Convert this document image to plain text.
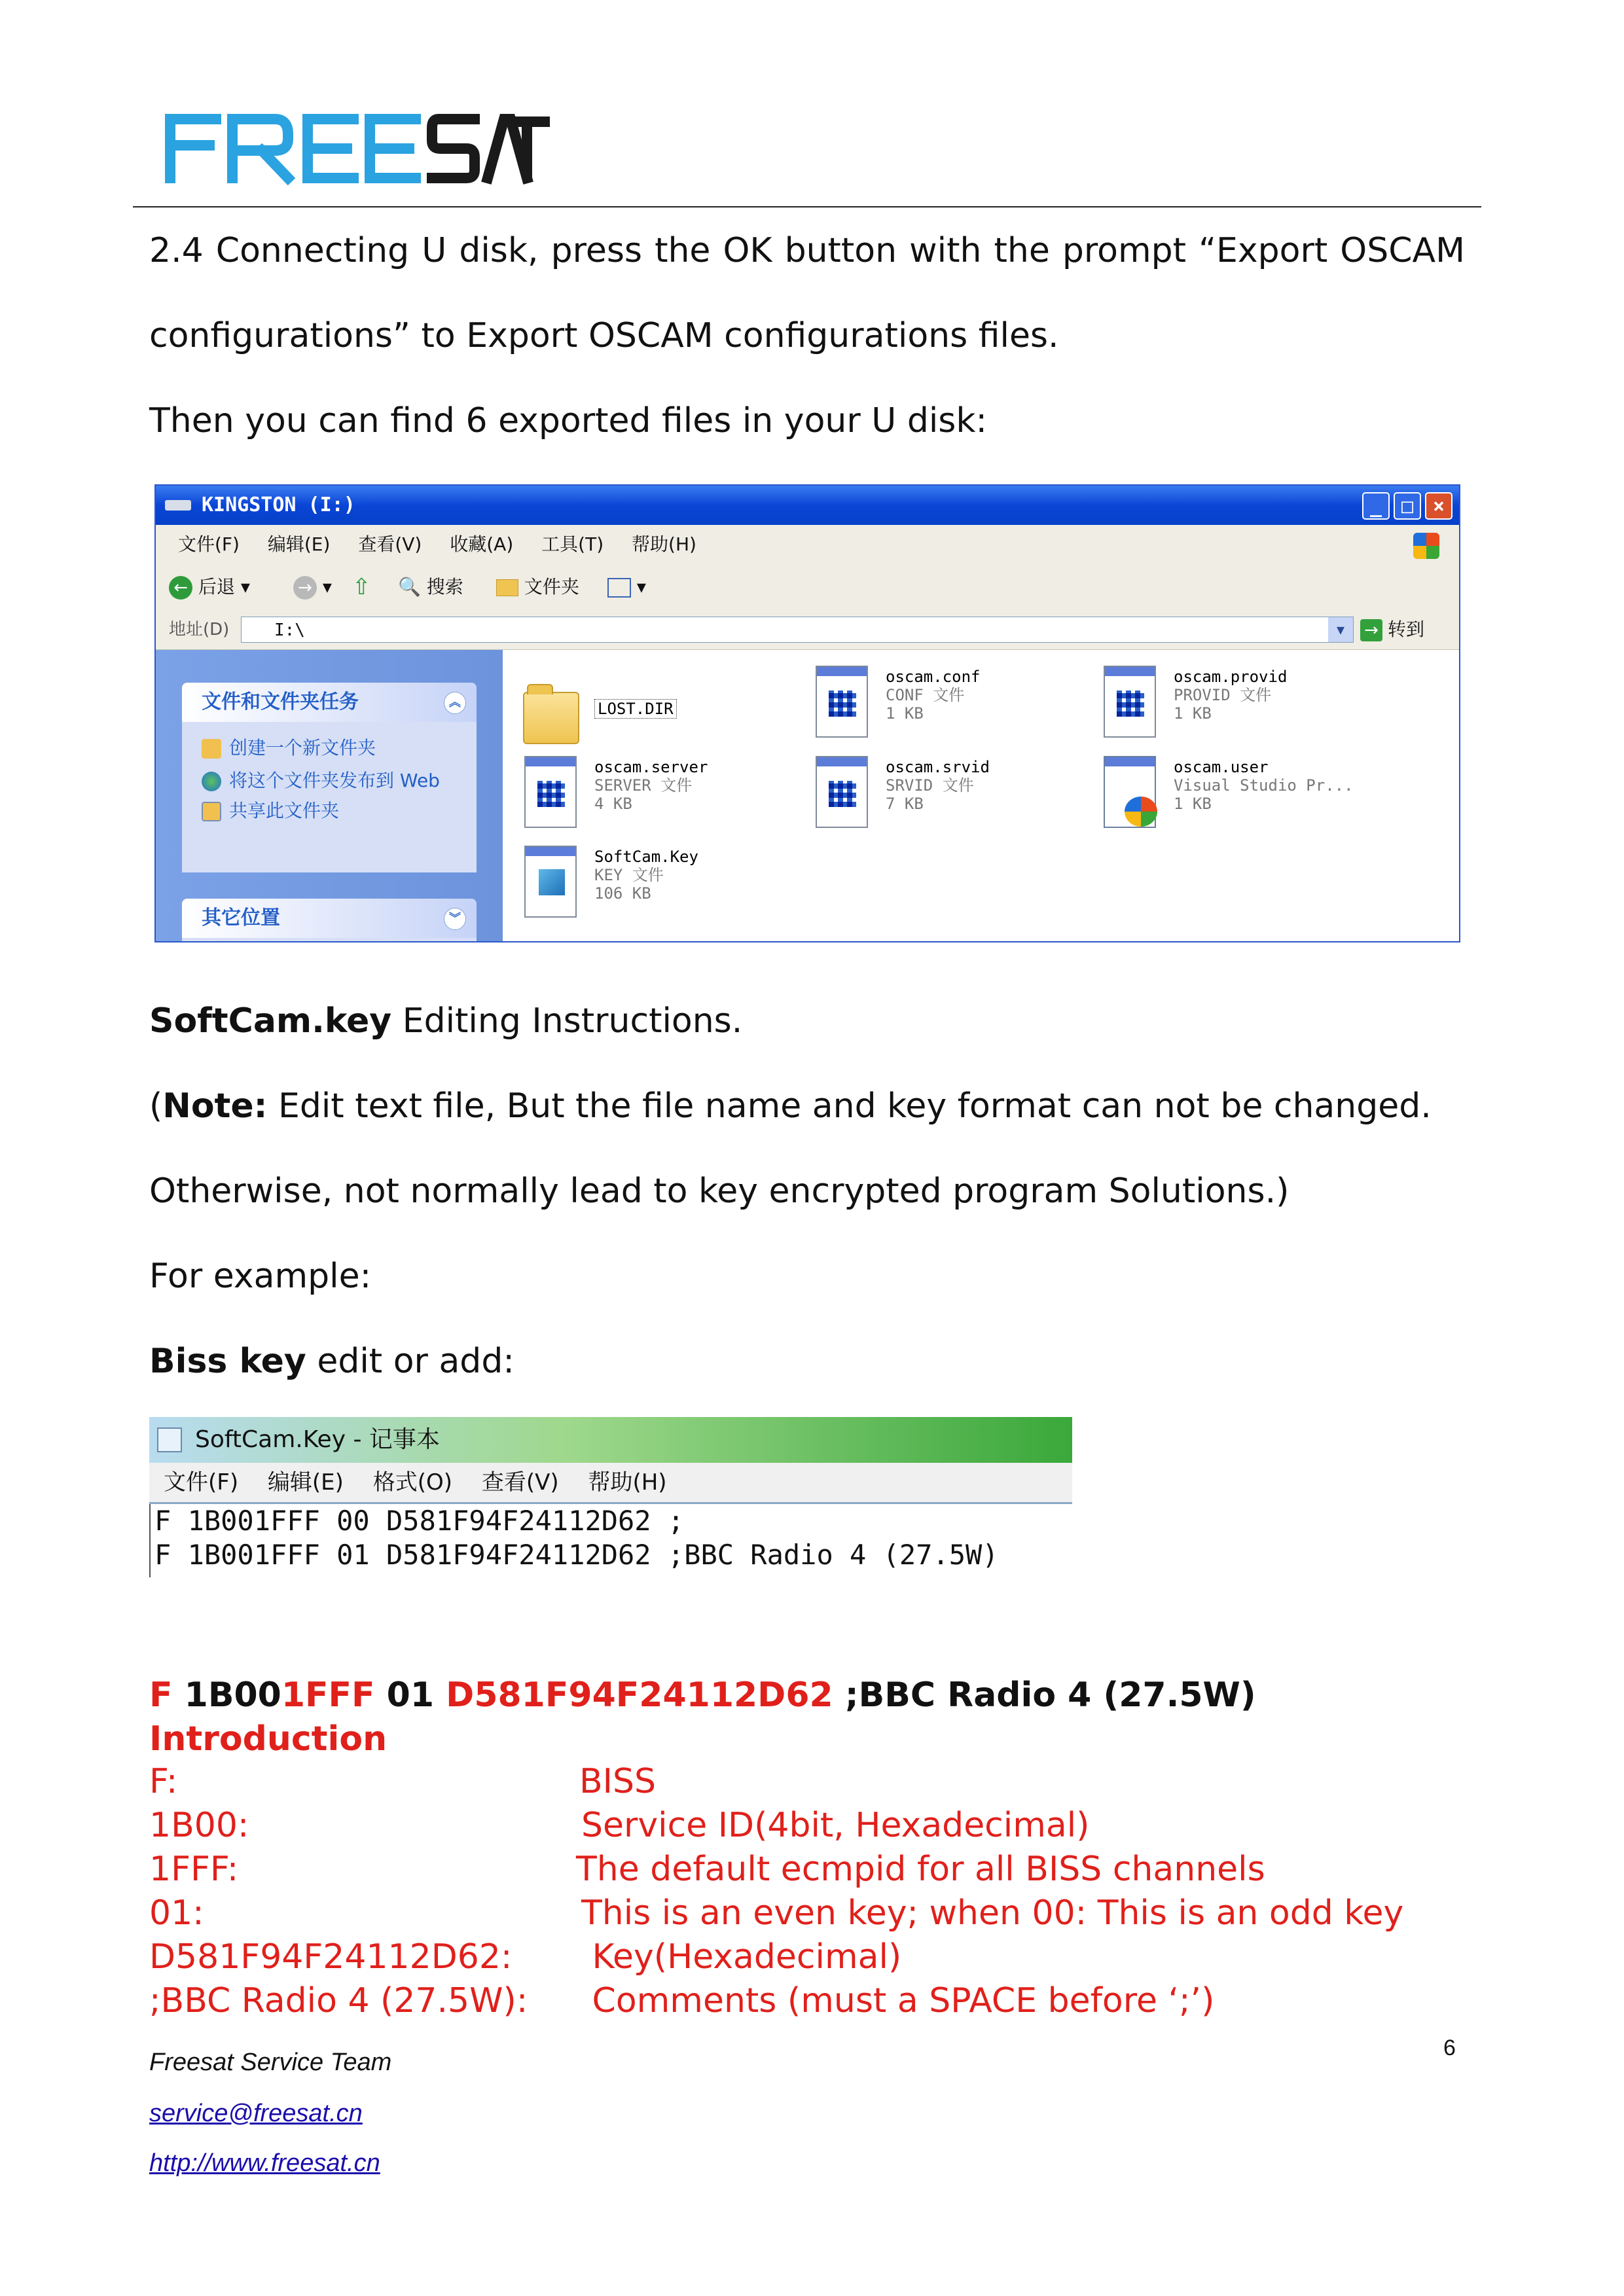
2.4 Connecting U disk, press the OK button with the prompt “Export OSCAM
configurations” to Export OSCAM configurations files.
Then you can find 6 exported files in your U disk:
KINGSTON (I:)	_ □ ×
文件(F) 编辑(E) 查看(V) 收藏(A) 工具(T) 帮助(H)
← 后退 ▾	→ ▾ ⇧ 🔍 搜索	文件夹	▾
地址(D)	I:\	▼	→ 转到
文件和文件夹任务	︽
创建一个新文件夹
将这个文件夹发布到 Web
共享此文件夹
其它位置	︾
LOST.DIR
oscam.conf
CONF 文件
1 KB
oscam.provid
PROVID 文件
1 KB
oscam.server
SERVER 文件
4 KB
oscam.srvid
SRVID 文件
7 KB
oscam.user
Visual Studio Pr...
1 KB
SoftCam.Key
KEY 文件
106 KB
SoftCam.key Editing Instructions.
(Note: Edit text file, But the file name and key format can not be changed.
Otherwise, not normally lead to key encrypted program Solutions.)
For example:
Biss key edit or add:
SoftCam.Key - 记事本
文件(F) 编辑(E) 格式(O) 查看(V) 帮助(H)
F 1B001FFF 00 D581F94F24112D62 ;
F 1B001FFF 01 D581F94F24112D62 ;BBC Radio 4 (27.5W)
F 1B001FFF 01 D581F94F24112D62 ;BBC Radio 4 (27.5W)
Introduction
F:	BISS
1B00:	Service ID(4bit, Hexadecimal)
1FFF:	The default ecmpid for all BISS channels
01:	This is an even key; when 00: This is an odd key
D581F94F24112D62: Key(Hexadecimal)
;BBC Radio 4 (27.5W): Comments (must a SPACE before ‘;’)
Freesat Service Team
service@freesat.cn
http://www.freesat.cn
6
